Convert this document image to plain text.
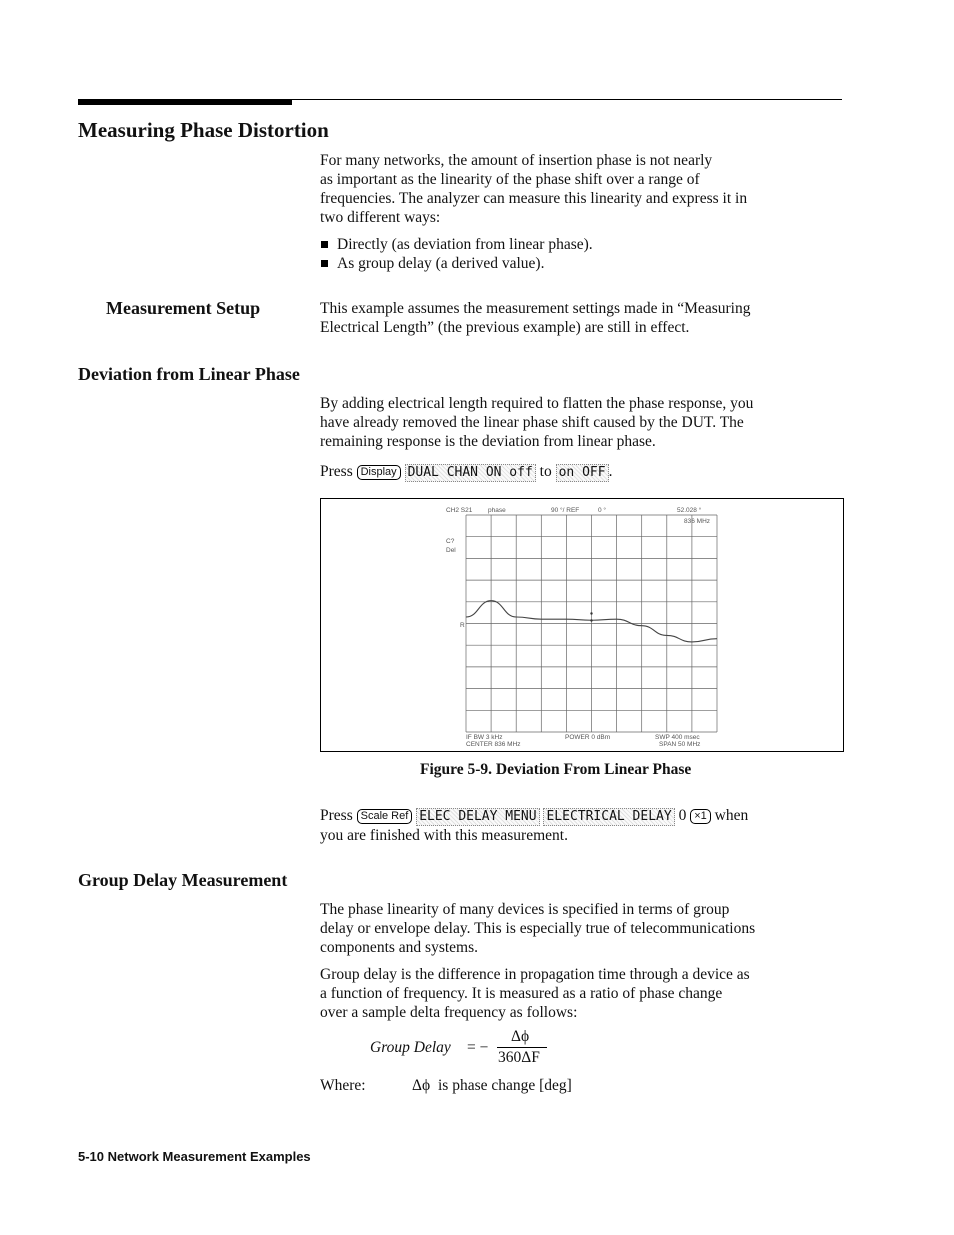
Measuring Phase Distortion

For many networks, the amount of insertion phase is not nearly

as important as the linearity of the phase shift over a range of

frequencies. The analyzer can measure this linearity and express it in

two different ways:

Directly (as deviation from linear phase).
As group delay (a derived value).
Measurement Setup	This example assumes the measurement settings made in “Measuring

Electrical Length” (the previous example) are still in effect.

Deviation from Linear Phase

By adding electrical length required to flatten the phase response, you

have already removed the linear phase shift caused by the DUT. The

remaining response is the deviation from linear phase.

Press Display DUAL CHAN ON off to on OFF .
CH2 S21 phase	90 °/ REF	0 °	52.028 °
836 MHz
C?
Del
R
IF BW 3 kHz
CENTER 836 MHz
POWER 0 dBm	SWP 400 msec
SPAN 50 MHz
Figure 5-9. Deviation From Linear Phase

Press Scale Ref ELEC DELAY MENU ELECTRICAL DELAY 0 ×1 when

you are finished with this measurement.

Group Delay Measurement

The phase linearity of many devices is specified in terms of group

delay or envelope delay. This is especially true of telecommunications

components and systems.

Group delay is the difference in propagation time through a device as

a function of frequency. It is measured as a ratio of phase change

over a sample delta frequency as follows:

Group Delay = −
Δϕ
360ΔF
Where:	Δϕ is phase change [deg]
5-10 Network Measurement Examples
